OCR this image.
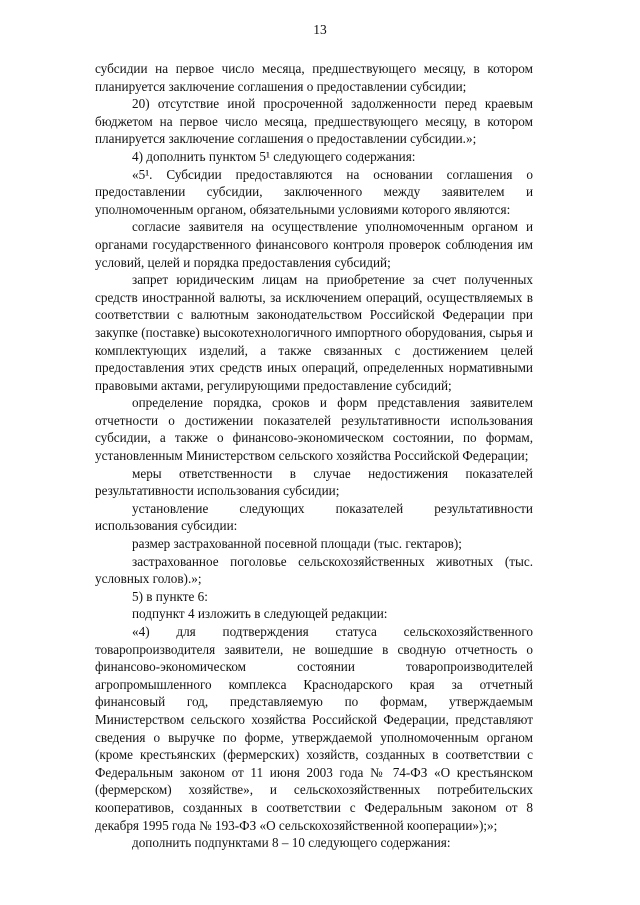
13

субсидии на первое число месяца, предшествующего месяцу, в котором планируется заключение соглашения о предоставлении субсидии;

20) отсутствие иной просроченной задолженности перед краевым бюджетом на первое число месяца, предшествующего месяцу, в котором планируется заключение соглашения о предоставлении субсидии.»;

4) дополнить пунктом 5¹ следующего содержания:

«5¹. Субсидии предоставляются на основании соглашения о предоставлении субсидии, заключенного между заявителем и уполномоченным органом, обязательными условиями которого являются:

согласие заявителя на осуществление уполномоченным органом и органами государственного финансового контроля проверок соблюдения им условий, целей и порядка предоставления субсидий;

запрет юридическим лицам на приобретение за счет полученных средств иностранной валюты, за исключением операций, осуществляемых в соответствии с валютным законодательством Российской Федерации при закупке (поставке) высокотехнологичного импортного оборудования, сырья и комплектующих изделий, а также связанных с достижением целей предоставления этих средств иных операций, определенных нормативными правовыми актами, регулирующими предоставление субсидий;

определение порядка, сроков и форм представления заявителем отчетности о достижении показателей результативности использования субсидии, а также о финансово-экономическом состоянии, по формам, установленным Министерством сельского хозяйства Российской Федерации;

меры ответственности в случае недостижения показателей результативности использования субсидии;

установление следующих показателей результативности использования субсидии:

размер застрахованной посевной площади (тыс. гектаров);

застрахованное поголовье сельскохозяйственных животных (тыс. условных голов).»;

5) в пункте 6:

подпункт 4 изложить в следующей редакции:

«4) для подтверждения статуса сельскохозяйственного товаропроизводителя заявители, не вошедшие в сводную отчетность о финансово-экономическом состоянии товаропроизводителей агропромышленного комплекса Краснодарского края за отчетный финансовый год, представляемую по формам, утверждаемым Министерством сельского хозяйства Российской Федерации, представляют сведения о выручке по форме, утверждаемой уполномоченным органом (кроме крестьянских (фермерских) хозяйств, созданных в соответствии с Федеральным законом от 11 июня 2003 года № 74-ФЗ «О крестьянском (фермерском) хозяйстве», и сельскохозяйственных потребительских кооперативов, созданных в соответствии с Федеральным законом от 8 декабря 1995 года № 193-ФЗ «О сельскохозяйственной кооперации»);»;

дополнить подпунктами 8 – 10 следующего содержания:
